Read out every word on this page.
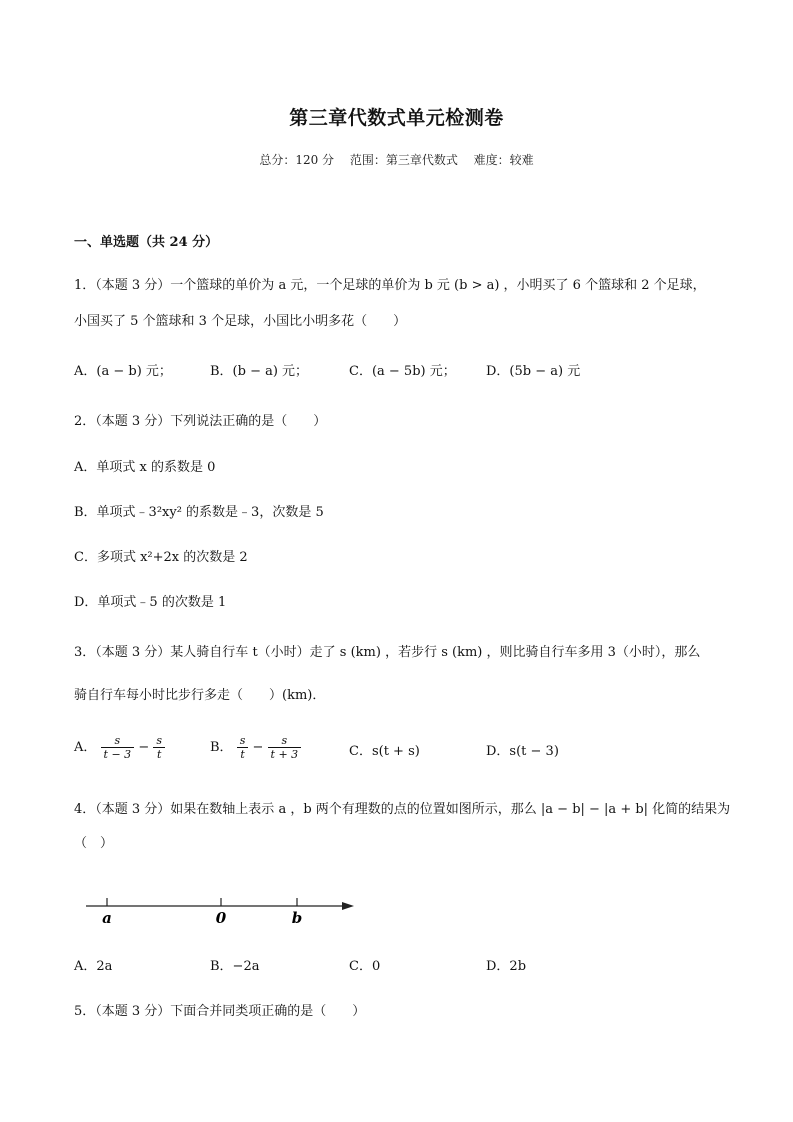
第三章代数式单元检测卷
总分：120 分　 范围：第三章代数式　 难度：较难
一、单选题（共 24 分）
1．（本题 3 分）一个篮球的单价为 a 元，一个足球的单价为 b 元 (b > a) ，小明买了 6 个篮球和 2 个足球，
小国买了 5 个篮球和 3 个足球，小国比小明多花（　　）
A．(a − b) 元；	B．(b − a) 元；	C．(a − 5b) 元； D．(5b − a) 元
2．（本题 3 分）下列说法正确的是（　　）
A．单项式 x 的系数是 0
B．单项式﹣3²xy² 的系数是﹣3，次数是 5
C．多项式 x²+2x 的次数是 2
D．单项式﹣5 的次数是 1
3．（本题 3 分）某人骑自行车 t（小时）走了 s (km) ，若步行 s (km) ，则比骑自行车多用 3（小时），那么
骑自行车每小时比步行多走（　　）(km)．
A． $\frac{s}{t - 3} - \frac{s}{t}$	B． $\frac{s}{t} - \frac{s}{t + 3}$	C．s(t + s)	D．s(t − 3)
4．（本题 3 分）如果在数轴上表示 a ，b 两个有理数的点的位置如图所示，那么 |a − b| − |a + b| 化简的结果为
（　）
a	0	b
A．2a	B．−2a	C．0	D．2b
5．（本题 3 分）下面合并同类项正确的是（　　）
